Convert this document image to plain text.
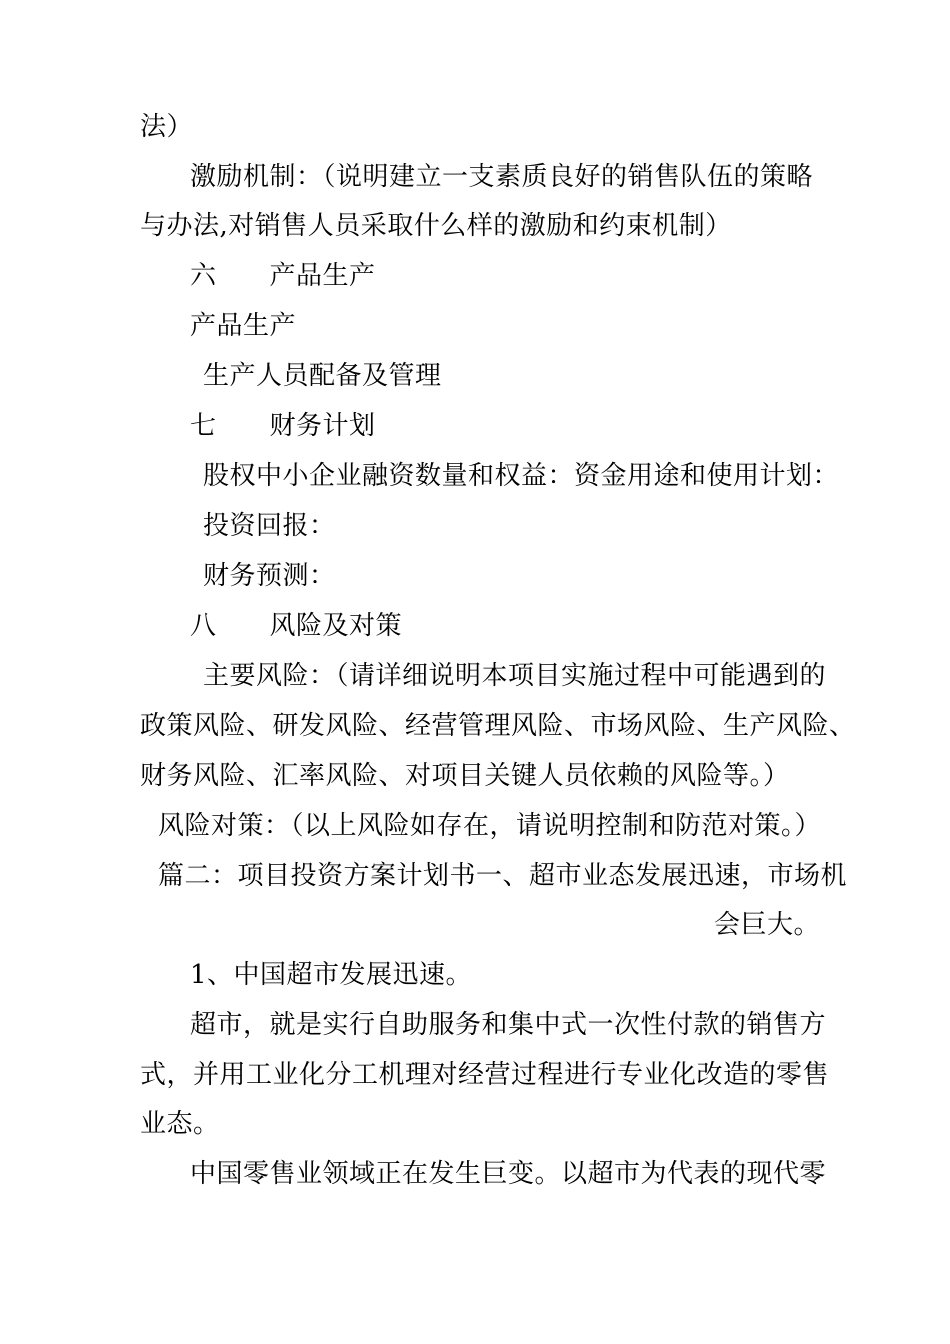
法）
激励机制：（说明建立一支素质良好的销售队伍的策略
与办法,对销售人员采取什么样的激励和约束机制）
六　　产品生产
产品生产
生产人员配备及管理
七　　财务计划
股权中小企业融资数量和权益：资金用途和使用计划：
投资回报：
财务预测：
八　　风险及对策
主要风险：（请详细说明本项目实施过程中可能遇到的
政策风险、研发风险、经营管理风险、市场风险、生产风险、
财务风险、汇率风险、对项目关键人员依赖的风险等。）
风险对策：（以上风险如存在，请说明控制和防范对策。）
篇二：项目投资方案计划书一、超市业态发展迅速，市场机
会巨大。
1、中国超市发展迅速。
超市，就是实行自助服务和集中式一次性付款的销售方
式，并用工业化分工机理对经营过程进行专业化改造的零售
业态。
中国零售业领域正在发生巨变。以超市为代表的现代零
